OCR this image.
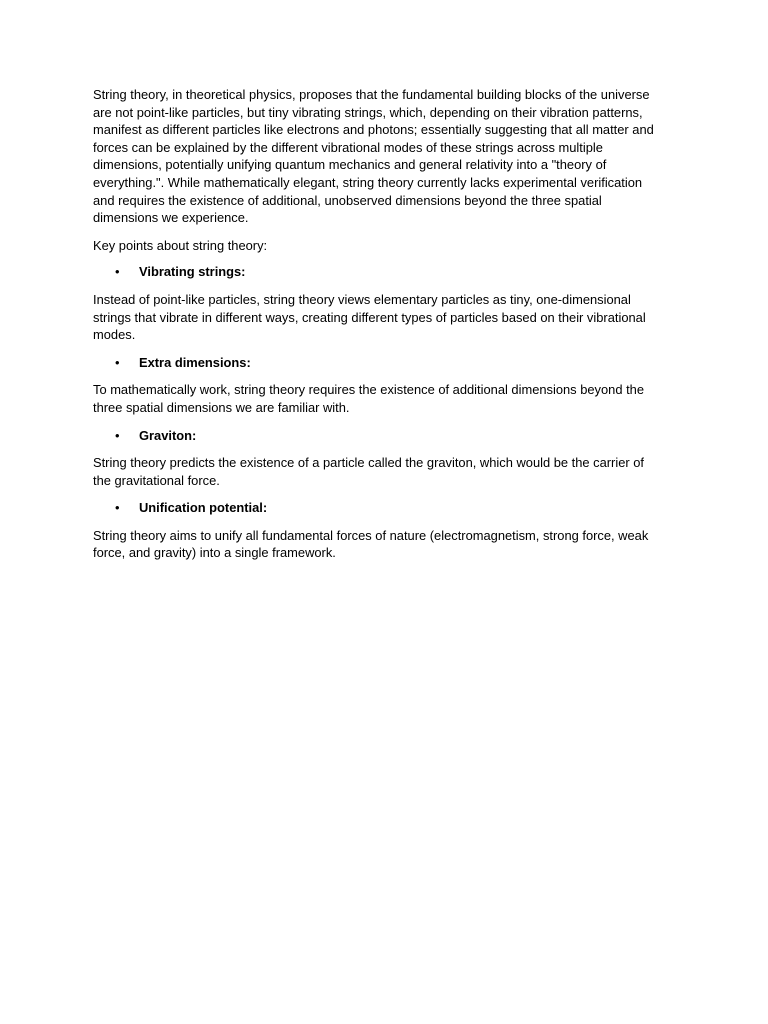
String theory, in theoretical physics, proposes that the fundamental building blocks of the universe are not point-like particles, but tiny vibrating strings, which, depending on their vibration patterns, manifest as different particles like electrons and photons; essentially suggesting that all matter and forces can be explained by the different vibrational modes of these strings across multiple dimensions, potentially unifying quantum mechanics and general relativity into a "theory of everything.". While mathematically elegant, string theory currently lacks experimental verification and requires the existence of additional, unobserved dimensions beyond the three spatial dimensions we experience.

Key points about string theory:

• Vibrating strings:

Instead of point-like particles, string theory views elementary particles as tiny, one-dimensional strings that vibrate in different ways, creating different types of particles based on their vibrational modes.

• Extra dimensions:

To mathematically work, string theory requires the existence of additional dimensions beyond the three spatial dimensions we are familiar with.

• Graviton:

String theory predicts the existence of a particle called the graviton, which would be the carrier of the gravitational force.

• Unification potential:

String theory aims to unify all fundamental forces of nature (electromagnetism, strong force, weak force, and gravity) into a single framework.
